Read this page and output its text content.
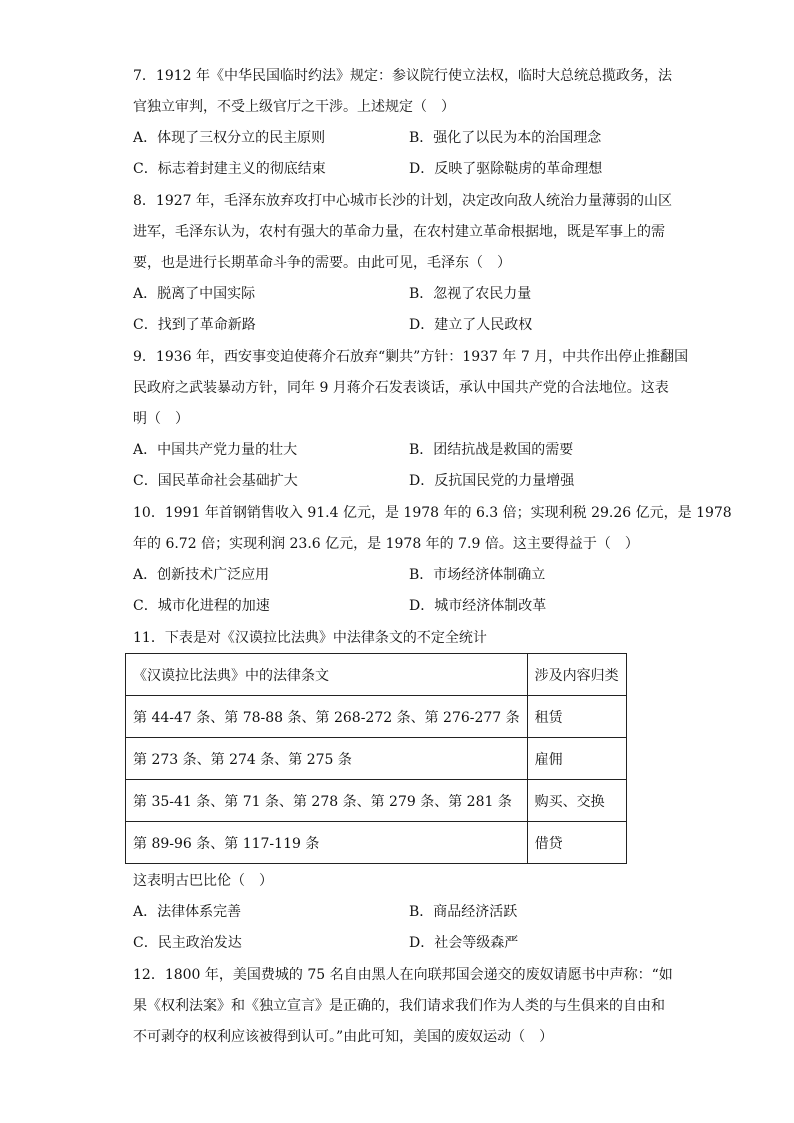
7．1912 年《中华民国临时约法》规定：参议院行使立法权，临时大总统总揽政务，法
官独立审判，不受上级官厅之干涉。上述规定（　）
A．体现了三权分立的民主原则	B．强化了以民为本的治国理念
C．标志着封建主义的彻底结束	D．反映了驱除鞑虏的革命理想
8．1927 年，毛泽东放弃攻打中心城市长沙的计划，决定改向敌人统治力量薄弱的山区
进军，毛泽东认为，农村有强大的革命力量，在农村建立革命根据地，既是军事上的需
要，也是进行长期革命斗争的需要。由此可见，毛泽东（　）
A．脱离了中国实际	B．忽视了农民力量
C．找到了革命新路	D．建立了人民政权
9．1936 年，西安事变迫使蒋介石放弃“剿共”方针：1937 年 7 月，中共作出停止推翻国
民政府之武装暴动方针，同年 9 月蒋介石发表谈话，承认中国共产党的合法地位。这表
明（　）
A．中国共产党力量的壮大	B．团结抗战是救国的需要
C．国民革命社会基础扩大	D．反抗国民党的力量增强
10．1991 年首钢销售收入 91.4 亿元，是 1978 年的 6.3 倍；实现利税 29.26 亿元，是 1978
年的 6.72 倍；实现利润 23.6 亿元，是 1978 年的 7.9 倍。这主要得益于（　）
A．创新技术广泛应用	B．市场经济体制确立
C．城市化进程的加速	D．城市经济体制改革
11．下表是对《汉谟拉比法典》中法律条文的不定全统计
《汉谟拉比法典》中的法律条文	涉及内容归类
第 44-47 条、第 78-88 条、第 268-272 条、第 276-277 条	租赁
第 273 条、第 274 条、第 275 条	雇佣
第 35-41 条、第 71 条、第 278 条、第 279 条、第 281 条	购买、交换
第 89-96 条、第 117-119 条	借贷
这表明古巴比伦（　）
A．法律体系完善	B．商品经济活跃
C．民主政治发达	D．社会等级森严
12．1800 年，美国费城的 75 名自由黑人在向联邦国会递交的废奴请愿书中声称：“如
果《权利法案》和《独立宣言》是正确的，我们请求我们作为人类的与生俱来的自由和
不可剥夺的权利应该被得到认可。”由此可知，美国的废奴运动（　）
